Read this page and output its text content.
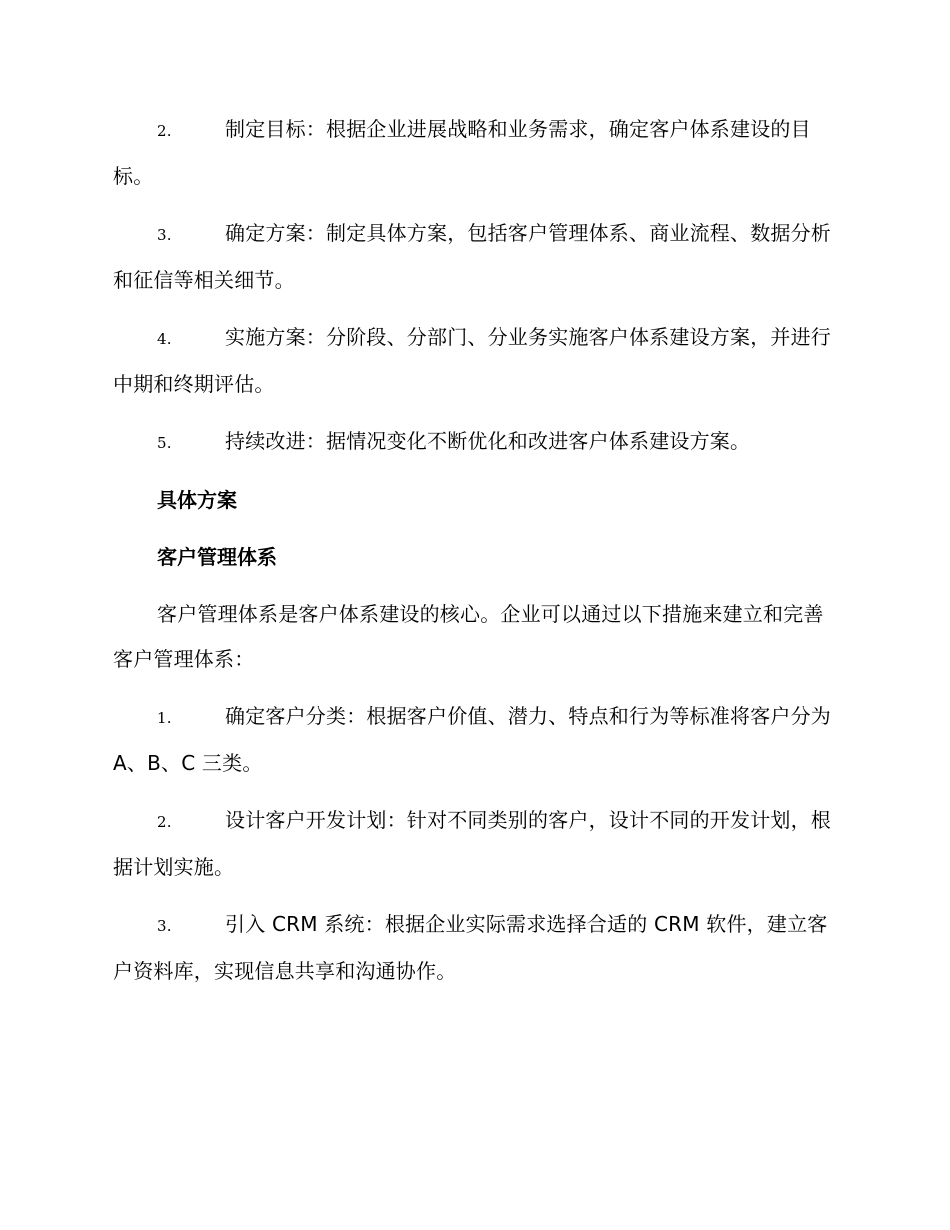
2.	制定目标：根据企业进展战略和业务需求，确定客户体系建设的目标。

3.	确定方案：制定具体方案，包括客户管理体系、商业流程、数据分析和征信等相关细节。

4.	实施方案：分阶段、分部门、分业务实施客户体系建设方案，并进行中期和终期评估。

5.	持续改进：据情况变化不断优化和改进客户体系建设方案。

具体方案

客户管理体系

客户管理体系是客户体系建设的核心。企业可以通过以下措施来建立和完善客户管理体系：

1.	确定客户分类：根据客户价值、潜力、特点和行为等标准将客户分为 A、B、C 三类。

2.	设计客户开发计划：针对不同类别的客户，设计不同的开发计划，根据计划实施。

3.	引入 CRM 系统：根据企业实际需求选择合适的 CRM 软件，建立客户资料库，实现信息共享和沟通协作。
